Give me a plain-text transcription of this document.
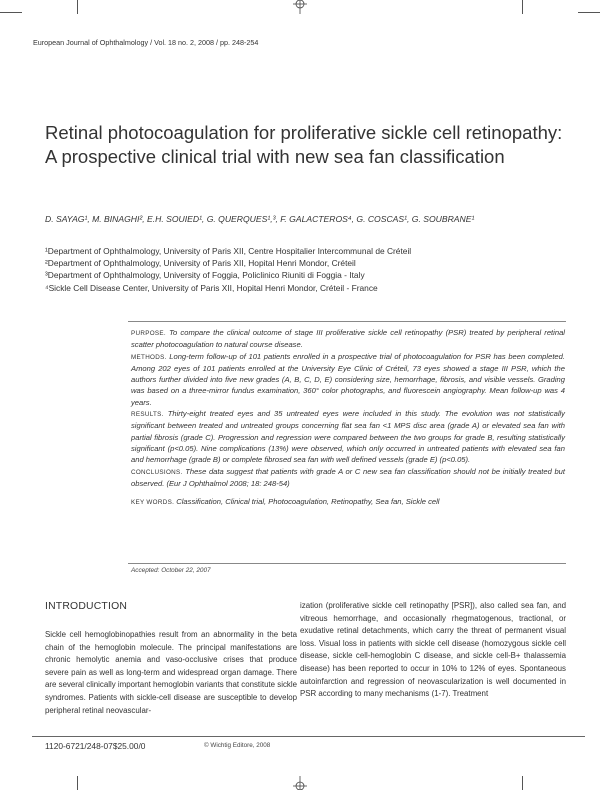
European Journal of Ophthalmology / Vol. 18 no. 2, 2008 / pp. 248-254
Retinal photocoagulation for proliferative sickle cell retinopathy: A prospective clinical trial with new sea fan classification
D. SAYAG¹, M. BINAGHI², E.H. SOUIED¹, G. QUERQUES¹,³, F. GALACTEROS⁴, G. COSCAS¹, G. SOUBRANE¹
¹Department of Ophthalmology, University of Paris XII, Centre Hospitalier Intercommunal de Créteil
²Department of Ophthalmology, University of Paris XII, Hopital Henri Mondor, Créteil
³Department of Ophthalmology, University of Foggia, Policlinico Riuniti di Foggia - Italy
⁴Sickle Cell Disease Center, University of Paris XII, Hopital Henri Mondor, Créteil - France

PURPOSE. To compare the clinical outcome of stage III proliferative sickle cell retinopathy (PSR) treated by peripheral retinal scatter photocoagulation to natural course disease.

METHODS. Long-term follow-up of 101 patients enrolled in a prospective trial of photocoagulation for PSR has been completed. Among 202 eyes of 101 patients enrolled at the University Eye Clinic of Créteil, 73 eyes showed a stage III PSR, which the authors further divided into five new grades (A, B, C, D, E) considering size, hemorrhage, fibrosis, and visible vessels. Grading was based on a three-mirror fundus examination, 360° color photographs, and fluorescein angiography. Mean follow-up was 4 years.

RESULTS. Thirty-eight treated eyes and 35 untreated eyes were included in this study. The evolution was not statistically significant between treated and untreated groups concerning flat sea fan <1 MPS disc area (grade A) or elevated sea fan with partial fibrosis (grade C). Progression and regression were compared between the two groups for grade B, resulting statistically significant (p<0.05). Nine complications (13%) were observed, which only occurred in untreated patients with elevated sea fan and hemorrhage (grade B) or complete fibrosed sea fan with well defined vessels (grade E) (p<0.05).

CONCLUSIONS. These data suggest that patients with grade A or C new sea fan classification should not be initially treated but observed. (Eur J Ophthalmol 2008; 18: 248-54)

KEY WORDS. Classification, Clinical trial, Photocoagulation, Retinopathy, Sea fan, Sickle cell

Accepted: October 22, 2007
INTRODUCTION
Sickle cell hemoglobinopathies result from an abnormality in the beta chain of the hemoglobin molecule. The principal manifestations are chronic hemolytic anemia and vaso-occlusive crises that produce severe pain as well as long-term and widespread organ damage. There are several clinically important hemoglobin variants that constitute sickle syndromes. Patients with sickle-cell disease are susceptible to develop peripheral retinal neovascular-
ization (proliferative sickle cell retinopathy [PSR]), also called sea fan, and vitreous hemorrhage, and occasionally rhegmatogenous, tractional, or exudative retinal detachments, which carry the threat of permanent visual loss. Visual loss in patients with sickle cell disease (homozygous sickle cell disease, sickle cell-hemoglobin C disease, and sickle cell-B+ thalassemia disease) has been reported to occur in 10% to 12% of eyes. Spontaneous autoinfarction and regression of neovascularization is well documented in PSR according to many mechanisms (1-7). Treatment
1120-6721/248-07$25.00/0	© Wichtig Editore, 2008
